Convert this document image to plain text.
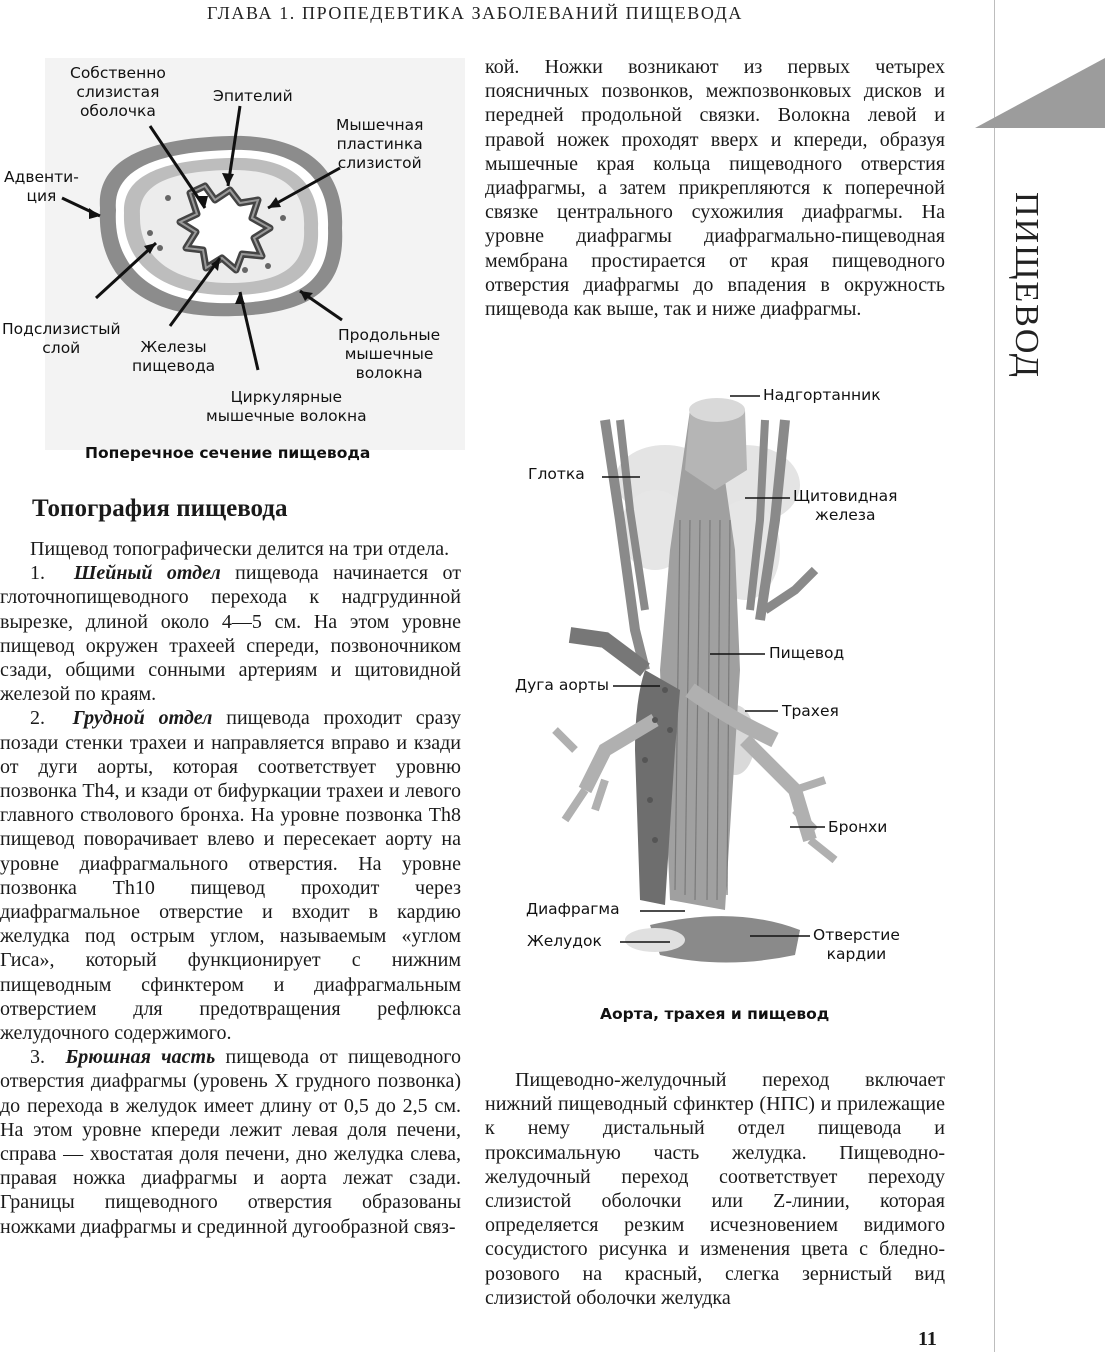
ГЛАВА 1. ПРОПЕДЕВТИКА ЗАБОЛЕВАНИЙ ПИЩЕВОДА
ПИЩЕВОД
Собственно
слизистая
оболочка
Эпителий
Мышечная
пластинка
слизистой
Адвенти-
ция
Подслизистый
слой	Железы
пищевода
Циркулярные
мышечные волокна
Продольные
мышечные
волокна
Поперечное сечение пищевода
Топография пищевода

Пищевод топографически делится на три отдела.

1. Шейный отдел пищевода начинается от глоточнопищеводного перехода к надгрудинной вырезке, длиной около 4—5 см. На этом уровне пищевод окружен трахеей спереди, позвоночником сзади, общими сонными артериям и щитовидной железой по краям.

2. Грудной отдел пищевода проходит сразу позади стенки трахеи и направляется вправо и кзади от дуги аорты, которая соответствует уровню позвонка Th4, и кзади от бифуркации трахеи и левого главного стволового бронха. На уровне позвонка Th8 пищевод поворачивает влево и пересекает аорту на уровне диафрагмального отверстия. На уровне позвонка Th10 пищевод проходит через диафрагмальное отверстие и входит в кардию желудка под острым углом, называемым «углом Гиса», который функционирует с нижним пищеводным сфинктером и диафрагмальным отверстием для предотвращения рефлюкса желудочного содержимого.

3. Брюшная часть пищевода от пищеводного отверстия диафрагмы (уровень X грудного позвонка) до перехода в желудок имеет длину от 0,5 до 2,5 см. На этом уровне кпереди лежит левая доля печени, справа — хвостатая доля печени, дно желудка слева, правая ножка диафрагмы и аорта лежат сзади. Границы пищеводного отверстия образованы ножками диафрагмы и срединной дугообразной связ-

кой. Ножки возникают из первых четырех поясничных позвонков, межпозвонковых дисков и передней продольной связки. Волокна левой и правой ножек проходят вверх и кпереди, образуя мышечные края кольца пищеводного отверстия диафрагмы, а затем прикрепляются к поперечной связке центрального сухожилия диафрагмы. На уровне диафрагмы диафрагмально-пищеводная мембрана простирается от края пищеводного отверстия диафрагмы до впадения в окружность пищевода как выше, так и ниже диафрагмы.

Надгортанник
Глотка
Щитовидная
железа
Пищевод
Дуга аорты
Трахея
Бронхи
Диафрагма
Желудок	Отверстие
кардии
Аорта, трахея и пищевод

Пищеводно-желудочный переход включает нижний пищеводный сфинктер (НПС) и прилежащие к нему дистальный отдел пищевода и проксимальную часть желудка. Пищеводно-желудочный переход соответствует переходу слизистой оболочки или Z-линии, которая определяется резким исчезновением видимого сосудистого рисунка и изменения цвета с бледно-розового на красный, слегка зернистый вид слизистой оболочки желудка

11
